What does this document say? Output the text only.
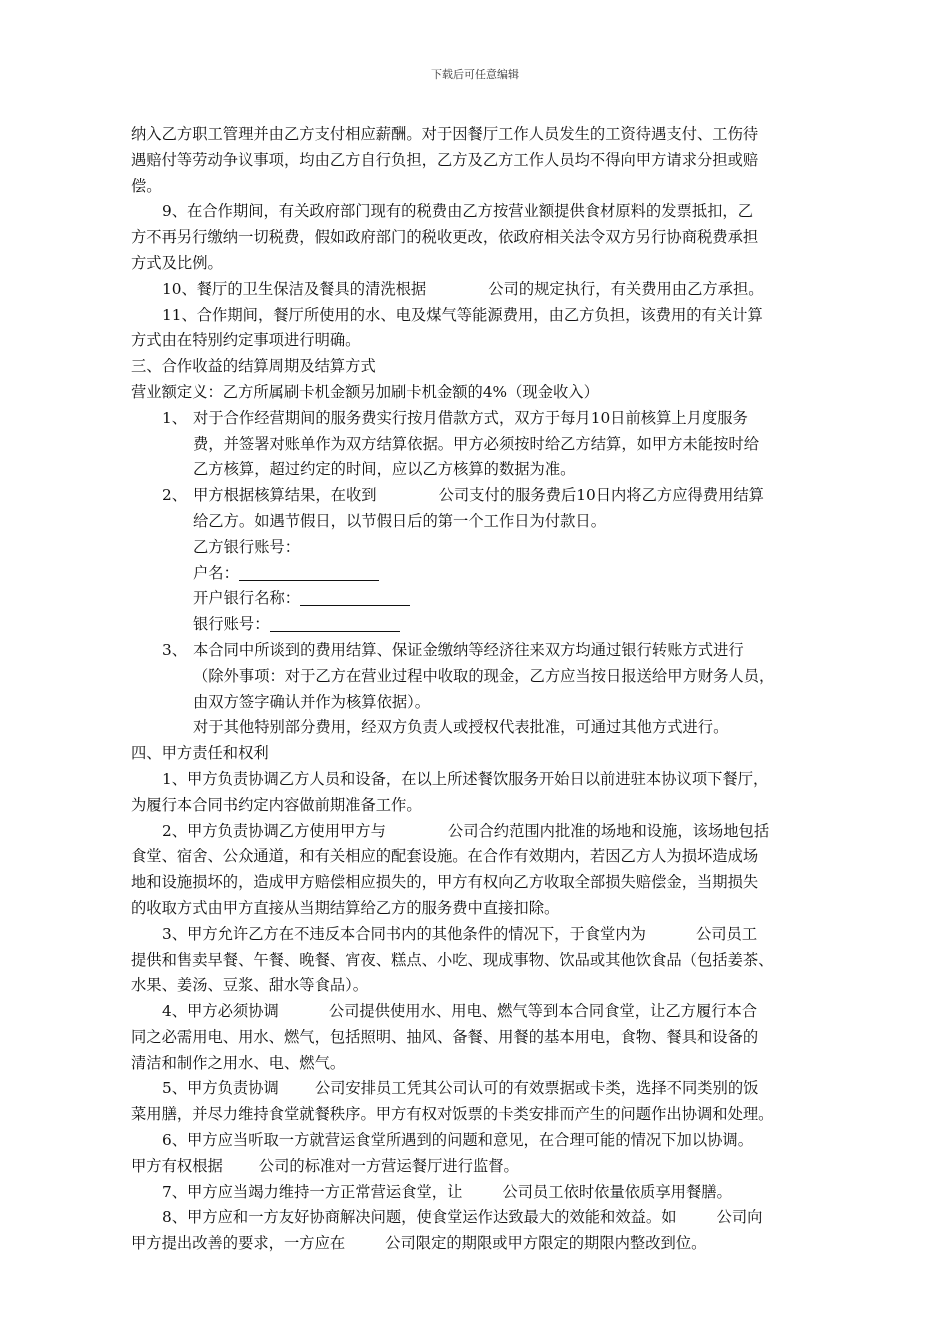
下载后可任意编辑
纳入乙方职工管理并由乙方支付相应薪酬。对于因餐厅工作人员发生的工资待遇支付、工伤待
遇赔付等劳动争议事项，均由乙方自行负担，乙方及乙方工作人员均不得向甲方请求分担或赔
偿。
9、在合作期间，有关政府部门现有的税费由乙方按营业额提供食材原料的发票抵扣，乙
方不再另行缴纳一切税费，假如政府部门的税收更改，依政府相关法令双方另行协商税费承担
方式及比例。
10、餐厅的卫生保洁及餐具的清洗根据	公司的规定执行，有关费用由乙方承担。
11、合作期间，餐厅所使用的水、电及煤气等能源费用，由乙方负担，该费用的有关计算
方式由在特别约定事项进行明确。
三、合作收益的结算周期及结算方式
营业额定义：乙方所属刷卡机金额另加刷卡机金额的4%（现金收入）
1、 对于合作经营期间的服务费实行按月借款方式，双方于每月10日前核算上月度服务
费，并签署对账单作为双方结算依据。甲方必须按时给乙方结算，如甲方未能按时给
乙方核算，超过约定的时间，应以乙方核算的数据为准。
2、 甲方根据核算结果，在收到	公司支付的服务费后10日内将乙方应得费用结算
给乙方。如遇节假日，以节假日后的第一个工作日为付款日。
乙方银行账号：
户名：
开户银行名称：
银行账号：
3、 本合同中所谈到的费用结算、保证金缴纳等经济往来双方均通过银行转账方式进行
（除外事项：对于乙方在营业过程中收取的现金，乙方应当按日报送给甲方财务人员，
由双方签字确认并作为核算依据）。
对于其他特别部分费用，经双方负责人或授权代表批准，可通过其他方式进行。
四、甲方责任和权利
1、甲方负责协调乙方人员和设备，在以上所述餐饮服务开始日以前进驻本协议项下餐厅，
为履行本合同书约定内容做前期准备工作。
2、甲方负责协调乙方使用甲方与	公司合约范围内批准的场地和设施，该场地包括
食堂、宿舍、公众通道，和有关相应的配套设施。在合作有效期内，若因乙方人为损坏造成场
地和设施损坏的，造成甲方赔偿相应损失的，甲方有权向乙方收取全部损失赔偿金，当期损失
的收取方式由甲方直接从当期结算给乙方的服务费中直接扣除。
3、甲方允许乙方在不违反本合同书内的其他条件的情况下，于食堂内为	公司员工
提供和售卖早餐、午餐、晚餐、宵夜、糕点、小吃、现成事物、饮品或其他饮食品（包括姜茶、
水果、姜汤、豆浆、甜水等食品）。
4、甲方必须协调	公司提供使用水、用电、燃气等到本合同食堂，让乙方履行本合
同之必需用电、用水、燃气，包括照明、抽风、备餐、用餐的基本用电，食物、餐具和设备的
清洁和制作之用水、电、燃气。
5、甲方负责协调 公司安排员工凭其公司认可的有效票据或卡类，选择不同类别的饭
菜用膳，并尽力维持食堂就餐秩序。甲方有权对饭票的卡类安排而产生的问题作出协调和处理。
6、甲方应当听取一方就营运食堂所遇到的问题和意见，在合理可能的情况下加以协调。
甲方有权根据 公司的标准对一方营运餐厅进行监督。
7、甲方应当竭力维持一方正常营运食堂，让	公司员工依时依量依质享用餐膳。
8、甲方应和一方友好协商解决问题，使食堂运作达致最大的效能和效益。如	公司向
甲方提出改善的要求，一方应在	公司限定的期限或甲方限定的期限内整改到位。
